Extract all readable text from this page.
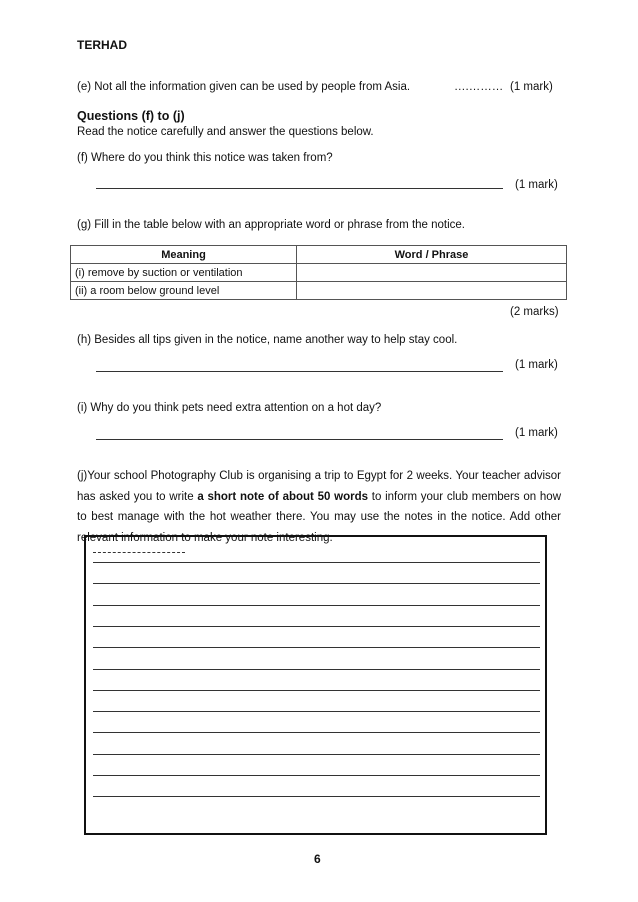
TERHAD
(e) Not all the information given can be used by people from Asia.	….……… (1 mark)
Questions (f) to (j)
Read the notice carefully and answer the questions below.
(f) Where do you think this notice was taken from?
(1 mark)
(g) Fill in the table below with an appropriate word or phrase from the notice.
Meaning	Word / Phrase
(i) remove by suction or ventilation	
(ii) a room below ground level	
(2 marks)
(h) Besides all tips given in the notice, name another way to help stay cool.
(1 mark)
(i) Why do you think pets need extra attention on a hot day?
(1 mark)
(j)Your school Photography Club is organising a trip to Egypt for 2 weeks. Your teacher advisor has asked you to write a short note of about 50 words to inform your club members on how to best manage with the hot weather there. You may use the notes in the notice. Add other relevant information to make your note interesting.
6
